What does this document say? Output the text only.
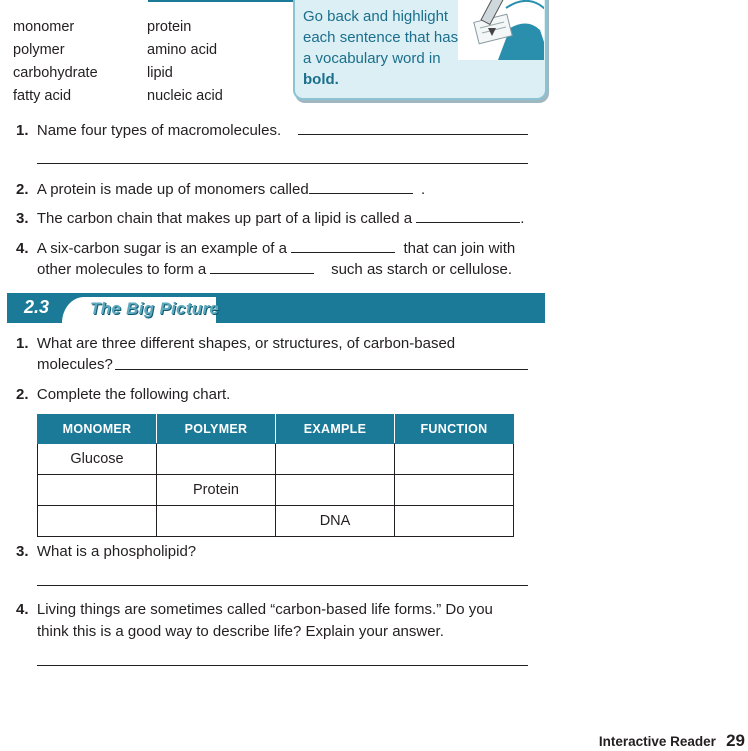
monomer
polymer
carbohydrate
fatty acid
protein
amino acid
lipid
nucleic acid
Go back and highlight each sentence that has a vocabulary word in bold.
1. Name four types of macromolecules.
2. A protein is made up of monomers called	.
3. The carbon chain that makes up part of a lipid is called a	.
4. A six-carbon sugar is an example of a	that can join with
other molecules to form a	such as starch or cellulose.
2.3 The Big Picture
1. What are three different shapes, or structures, of carbon-based
molecules?
2. Complete the following chart.
MONOMER	POLYMER	EXAMPLE	FUNCTION
Glucose			
	Protein		
		DNA	
3. What is a phospholipid?
4. Living things are sometimes called “carbon-based life forms.” Do you
think this is a good way to describe life? Explain your answer.
Interactive Reader 29
